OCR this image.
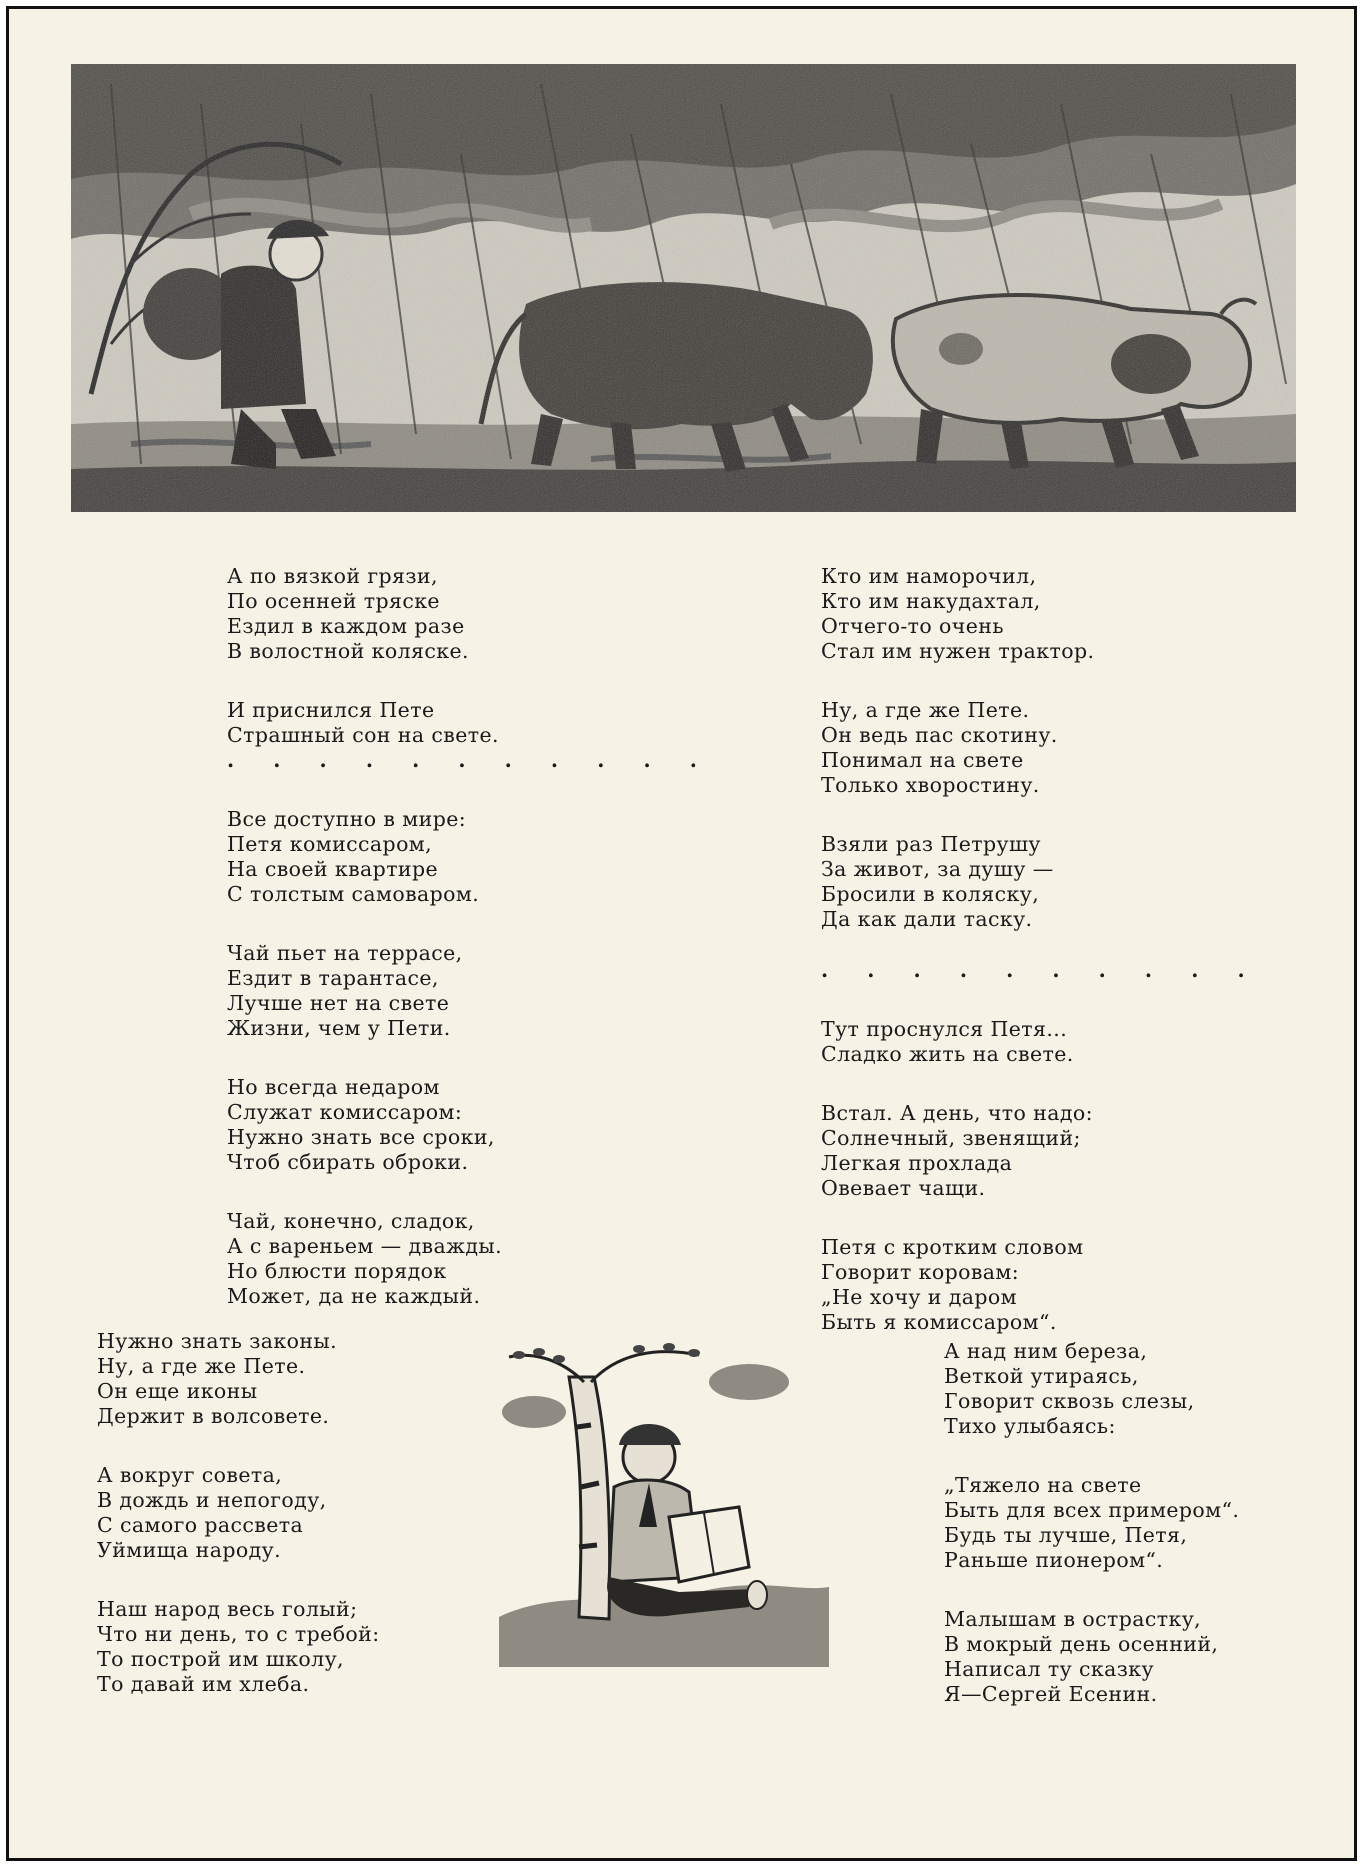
А по вязкой грязи,
По осенней тряске
Ездил в каждом разе
В волостной коляске.
И приснился Пете
Страшный сон на свете.
. . . . . . . . . . .
Все доступно в мире:
Петя комиссаром,
На своей квартире
С толстым самоваром.
Чай пьет на террасе,
Ездит в тарантасе,
Лучше нет на свете
Жизни, чем у Пети.
Но всегда недаром
Служат комиссаром:
Нужно знать все сроки,
Чтоб сбирать оброки.
Чай, конечно, сладок,
А с вареньем — дважды.
Но блюсти порядок
Может, да не каждый.
Кто им наморочил,
Кто им накудахтал,
Отчего-то очень
Стал им нужен трактор.
Ну, а где же Пете.
Он ведь пас скотину.
Понимал на свете
Только хворостину.
Взяли раз Петрушу
За живот, за душу —
Бросили в коляску,
Да как дали таску.
. . . . . . . . . .
Тут проснулся Петя...
Сладко жить на свете.
Встал. А день, что надо:
Солнечный, звенящий;
Легкая прохлада
Овевает чащи.
Петя с кротким словом
Говорит коровам:
„Не хочу и даром
Быть я комиссаром“.
Нужно знать законы.
Ну, а где же Пете.
Он еще иконы
Держит в волсовете.
А вокруг совета,
В дождь и непогоду,
С самого рассвета
Уймища народу.
Наш народ весь голый;
Что ни день, то с требой:
То построй им школу,
То давай им хлеба.
А над ним береза,
Веткой утираясь,
Говорит сквозь слезы,
Тихо улыбаясь:
„Тяжело на свете
Быть для всех примером“.
Будь ты лучше, Петя,
Раньше пионером“.
Малышам в острастку,
В мокрый день осенний,
Написал ту сказку
Я—Сергей Есенин.
